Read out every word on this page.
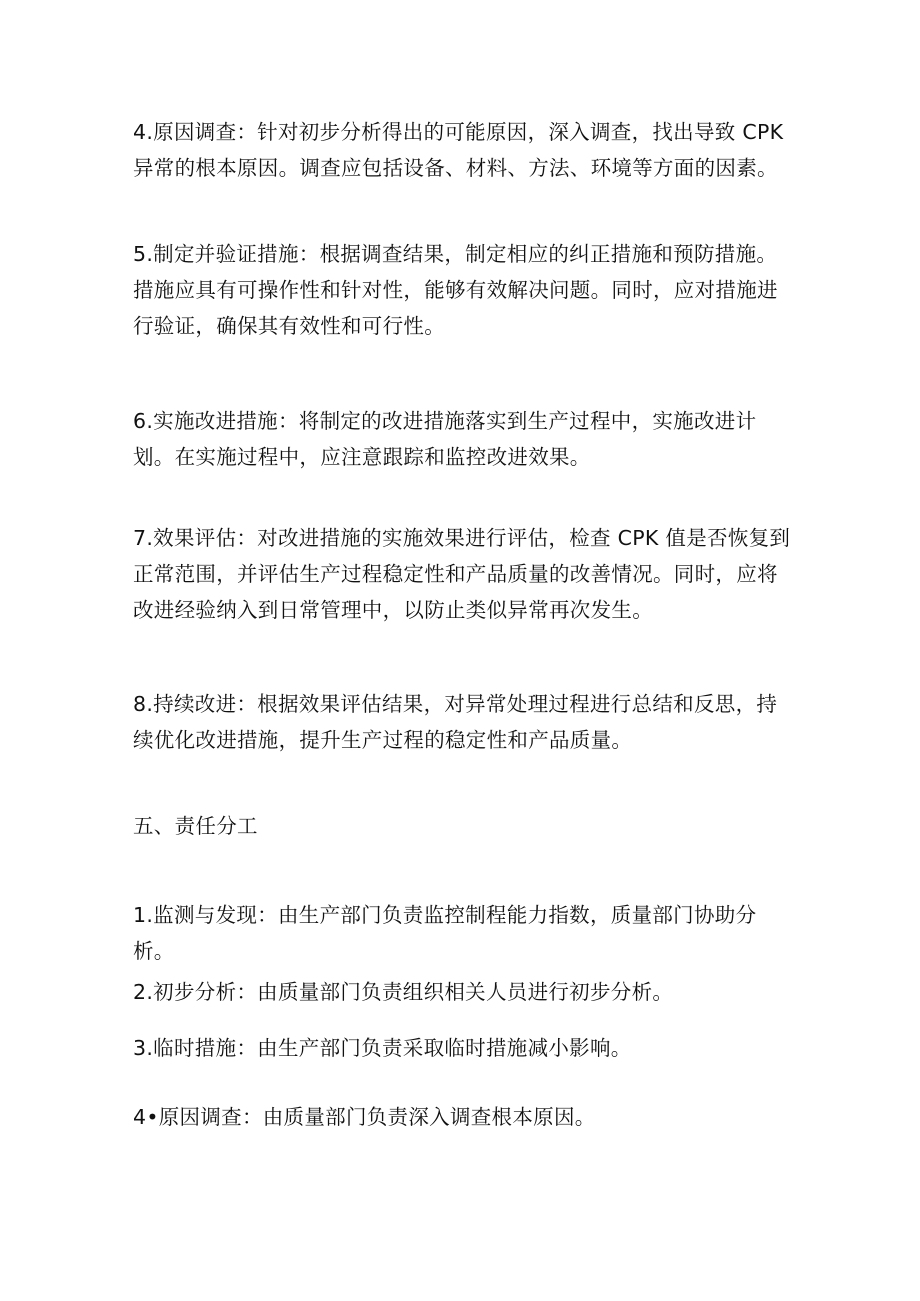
4.原因调查：针对初步分析得出的可能原因，深入调查，找出导致 CPK 异常的根本原因。调查应包括设备、材料、方法、环境等方面的因素。

5.制定并验证措施：根据调查结果，制定相应的纠正措施和预防措施。措施应具有可操作性和针对性，能够有效解决问题。同时，应对措施进行验证，确保其有效性和可行性。

6.实施改进措施：将制定的改进措施落实到生产过程中，实施改进计划。在实施过程中，应注意跟踪和监控改进效果。

7.效果评估：对改进措施的实施效果进行评估，检查 CPK 值是否恢复到正常范围，并评估生产过程稳定性和产品质量的改善情况。同时，应将改进经验纳入到日常管理中，以防止类似异常再次发生。

8.持续改进：根据效果评估结果，对异常处理过程进行总结和反思，持续优化改进措施，提升生产过程的稳定性和产品质量。

五、责任分工

1.监测与发现：由生产部门负责监控制程能力指数，质量部门协助分析。

2.初步分析：由质量部门负责组织相关人员进行初步分析。

3.临时措施：由生产部门负责采取临时措施减小影响。

4•原因调查：由质量部门负责深入调查根本原因。
